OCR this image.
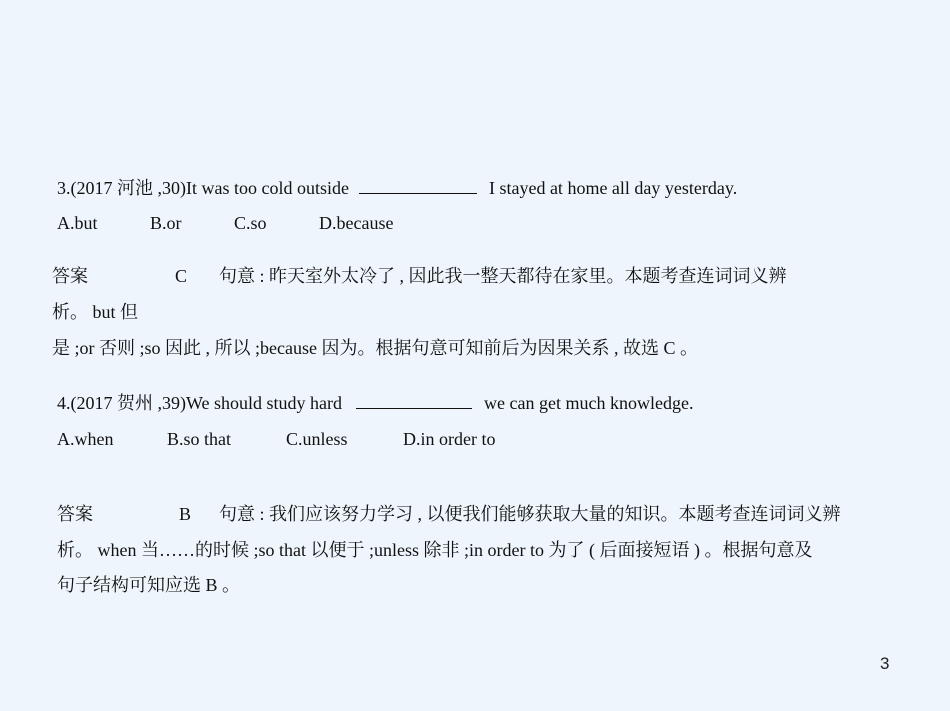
3.(2017 河池 ,30)It was too cold outside	I stayed at home all day yesterday.
A.but	B.or	C.so	D.because
答案	C 句意 : 昨天室外太冷了 , 因此我一整天都待在家里。本题考查连词词义辨
析。 but 但
是 ;or 否则 ;so 因此 , 所以 ;because 因为。根据句意可知前后为因果关系 , 故选 C 。
4.(2017 贺州 ,39)We should study hard	we can get much knowledge.
A.when	B.so that	C.unless	D.in order to
答案	B 句意 : 我们应该努力学习 , 以便我们能够获取大量的知识。本题考查连词词义辨
析。 when 当……的时候 ;so that 以便于 ;unless 除非 ;in order to 为了 ( 后面接短语 ) 。根据句意及
句子结构可知应选 B 。
3
